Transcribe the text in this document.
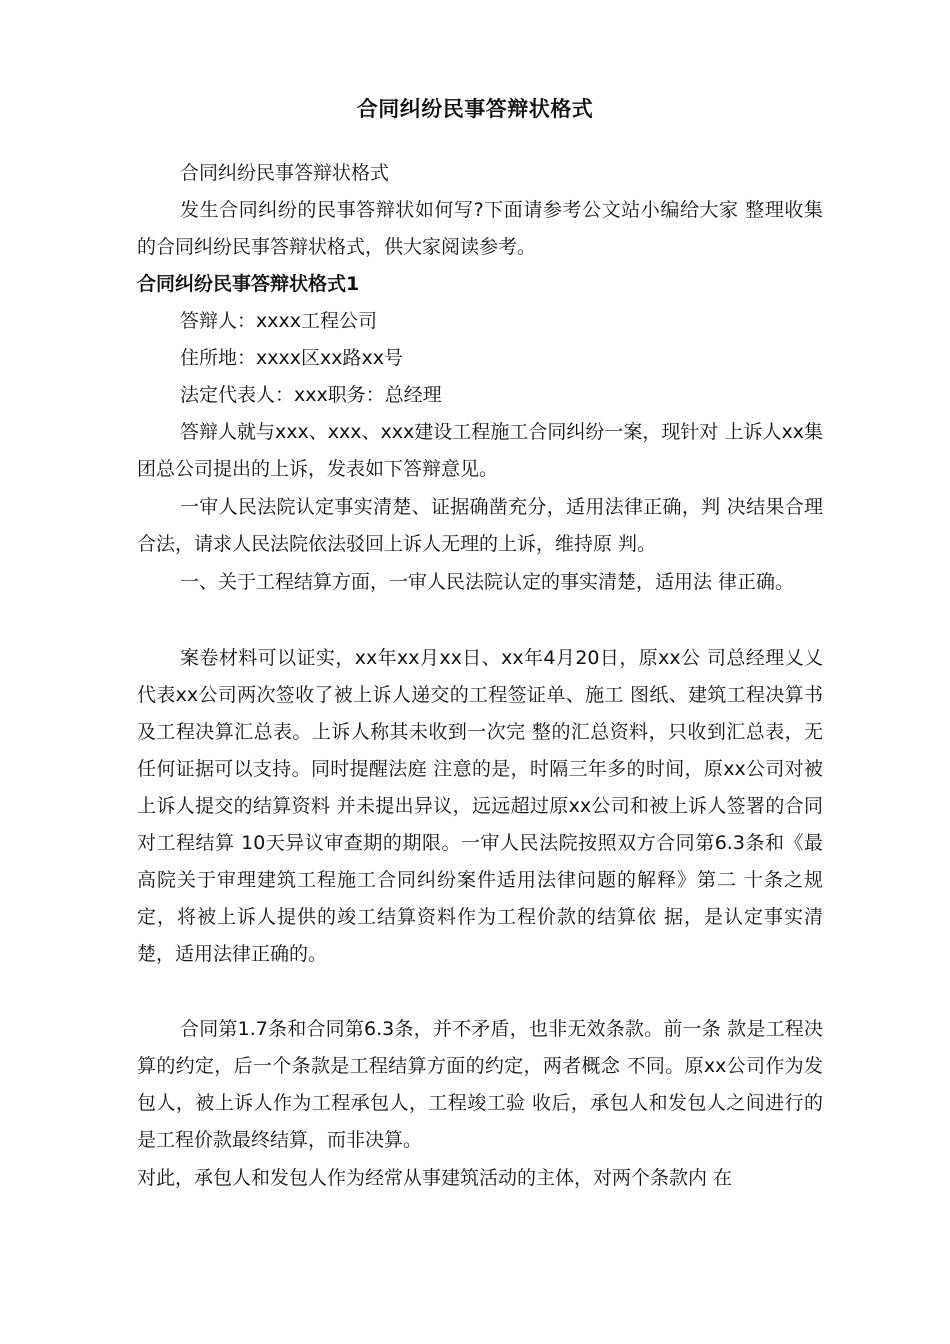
合同纠纷民事答辩状格式

合同纠纷民事答辩状格式

发生合同纠纷的民事答辩状如何写?下面请参考公文站小编给大家 整理收集的合同纠纷民事答辩状格式，供大家阅读参考。

合同纠纷民事答辩状格式1

答辩人：xxxx工程公司

住所地：xxxx区xx路xx号

法定代表人：xxx职务：总经理

答辩人就与xxx、xxx、xxx建设工程施工合同纠纷一案，现针对 上诉人xx集团总公司提出的上诉，发表如下答辩意见。

一审人民法院认定事实清楚、证据确凿充分，适用法律正确，判 决结果合理合法，请求人民法院依法驳回上诉人无理的上诉，维持原 判。

一、关于工程结算方面，一审人民法院认定的事实清楚，适用法 律正确。

案卷材料可以证实，xx年xx月xx日、xx年4月20日，原xx公 司总经理乂乂代表xx公司两次签收了被上诉人递交的工程签证单、施工 图纸、建筑工程决算书及工程决算汇总表。上诉人称其未收到一次完 整的汇总资料，只收到汇总表，无任何证据可以支持。同时提醒法庭 注意的是，时隔三年多的时间，原xx公司对被上诉人提交的结算资料 并未提出异议，远远超过原xx公司和被上诉人签署的合同对工程结算 10天异议审查期的期限。一审人民法院按照双方合同第6.3条和《最 高院关于审理建筑工程施工合同纠纷案件适用法律问题的解释》第二 十条之规定，将被上诉人提供的竣工结算资料作为工程价款的结算依 据，是认定事实清楚，适用法律正确的。

合同第1.7条和合同第6.3条，并不矛盾，也非无效条款。前一条 款是工程决算的约定，后一个条款是工程结算方面的约定，两者概念 不同。原xx公司作为发包人，被上诉人作为工程承包人，工程竣工验 收后，承包人和发包人之间进行的是工程价款最终结算，而非决算。

对此，承包人和发包人作为经常从事建筑活动的主体，对两个条款内 在
